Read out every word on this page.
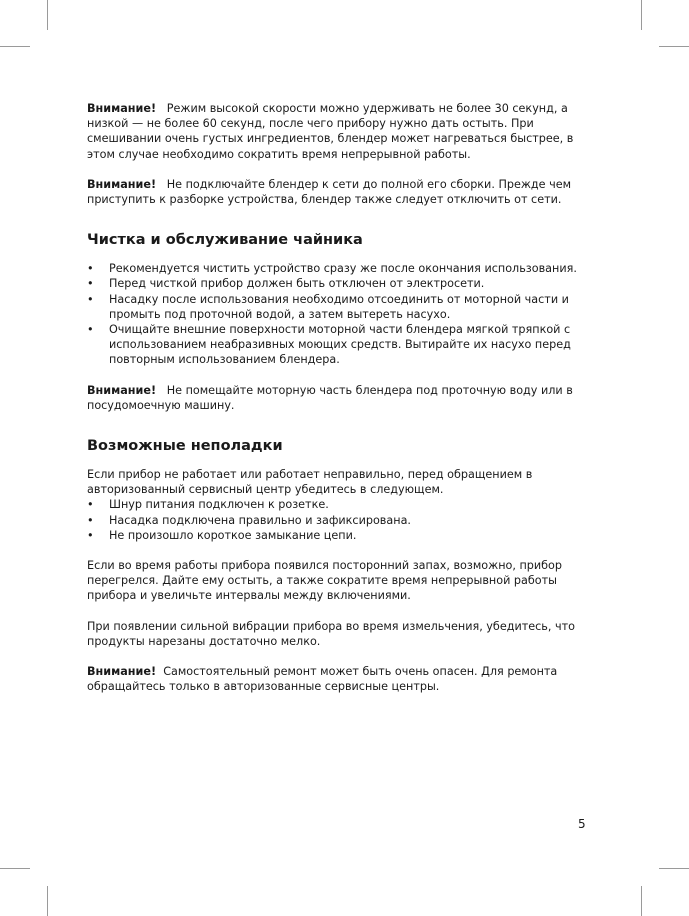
Внимание! Режим высокой скорости можно удерживать не более 30 секунд, а низкой — не более 60 секунд, после чего прибору нужно дать остыть. При смешивании очень густых ингредиентов, блендер может нагреваться быстрее, в этом случае необходимо сократить время непрерывной работы.

Внимание! Не подключайте блендер к сети до полной его сборки. Прежде чем приступить к разборке устройства, блендер также следует отключить от сети.

Чистка и обслуживание чайника
• Рекомендуется чистить устройство сразу же после окончания использования.
• Перед чисткой прибор должен быть отключен от электросети.
• Насадку после использования необходимо отсоединить от моторной части и промыть под проточной водой, а затем вытереть насухо.
• Очищайте внешние поверхности моторной части блендера мягкой тряпкой с использованием неабразивных моющих средств. Вытирайте их насухо перед повторным использованием блендера.

Внимание! Не помещайте моторную часть блендера под проточную воду или в посудомоечную машину.

Возможные неполадки

Если прибор не работает или работает неправильно, перед обращением в авторизованный сервисный центр убедитесь в следующем.

• Шнур питания подключен к розетке.
• Насадка подключена правильно и зафиксирована.
• Не произошло короткое замыкание цепи.

Если во время работы прибора появился посторонний запах, возможно, прибор перегрелся. Дайте ему остыть, а также сократите время непрерывной работы прибора и увеличьте интервалы между включениями.

При появлении сильной вибрации прибора во время измельчения, убедитесь, что продукты нарезаны достаточно мелко.

Внимание! Самостоятельный ремонт может быть очень опасен. Для ремонта обращайтесь только в авторизованные сервисные центры.

5
